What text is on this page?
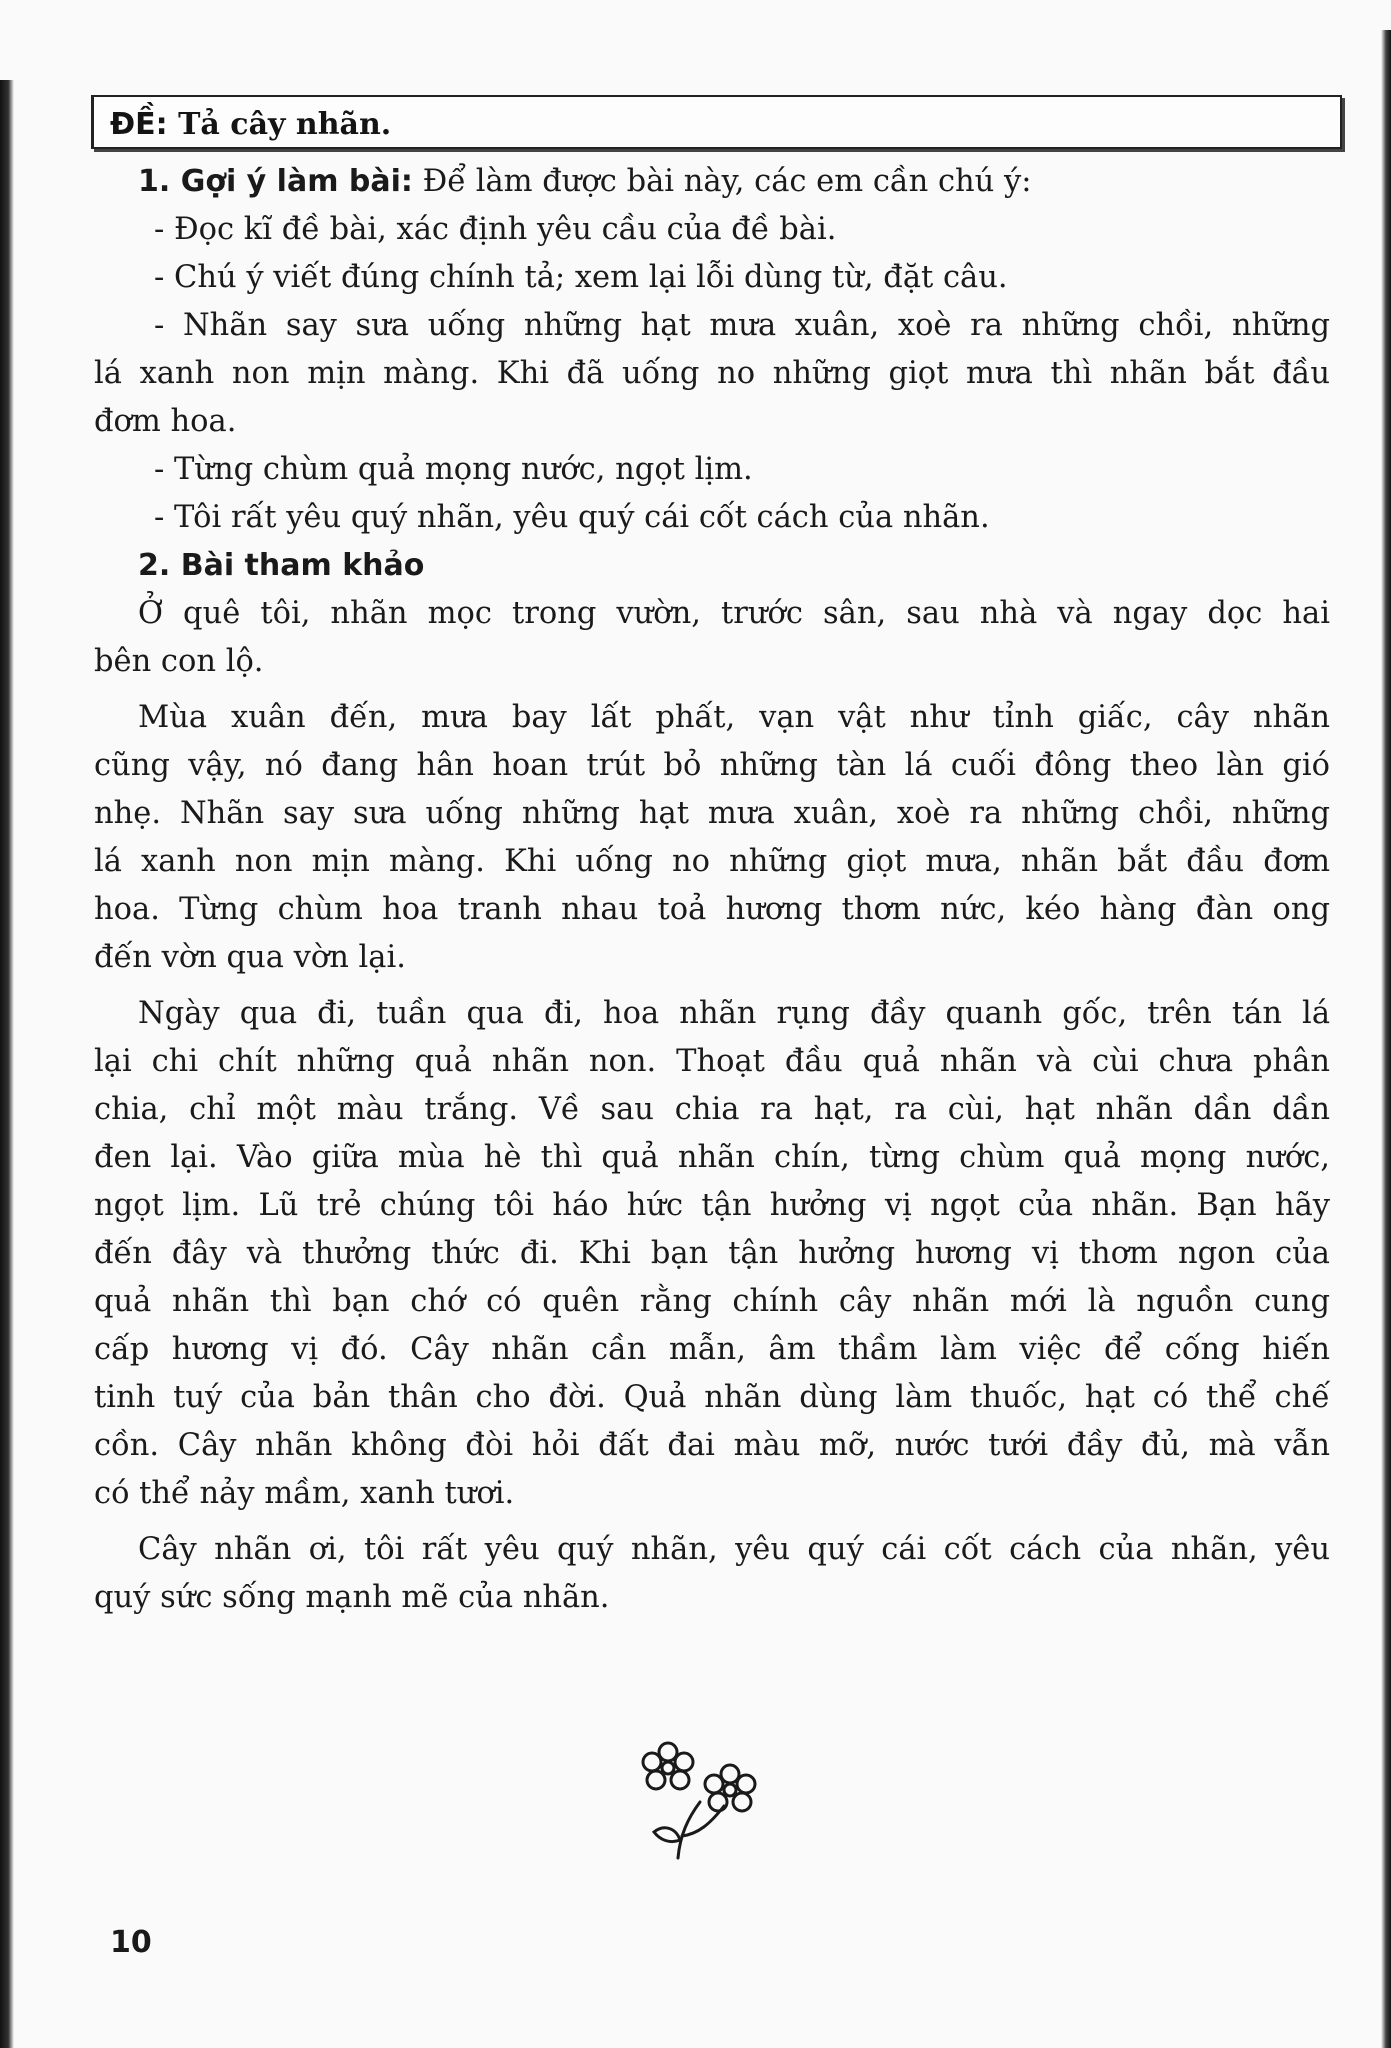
ĐỀ: Tả cây nhãn.
1. Gợi ý làm bài: Để làm được bài này, các em cần chú ý:
- Đọc kĩ đề bài, xác định yêu cầu của đề bài.
- Chú ý viết đúng chính tả; xem lại lỗi dùng từ, đặt câu.
- Nhãn say sưa uống những hạt mưa xuân, xoè ra những chồi, những
lá xanh non mịn màng. Khi đã uống no những giọt mưa thì nhãn bắt đầu
đơm hoa.
- Từng chùm quả mọng nước, ngọt lịm.
- Tôi rất yêu quý nhãn, yêu quý cái cốt cách của nhãn.
2. Bài tham khảo
Ở quê tôi, nhãn mọc trong vườn, trước sân, sau nhà và ngay dọc hai
bên con lộ.
Mùa xuân đến, mưa bay lất phất, vạn vật như tỉnh giấc, cây nhãn
cũng vậy, nó đang hân hoan trút bỏ những tàn lá cuối đông theo làn gió
nhẹ. Nhãn say sưa uống những hạt mưa xuân, xoè ra những chồi, những
lá xanh non mịn màng. Khi uống no những giọt mưa, nhãn bắt đầu đơm
hoa. Từng chùm hoa tranh nhau toả hương thơm nức, kéo hàng đàn ong
đến vờn qua vờn lại.
Ngày qua đi, tuần qua đi, hoa nhãn rụng đầy quanh gốc, trên tán lá
lại chi chít những quả nhãn non. Thoạt đầu quả nhãn và cùi chưa phân
chia, chỉ một màu trắng. Về sau chia ra hạt, ra cùi, hạt nhãn dần dần
đen lại. Vào giữa mùa hè thì quả nhãn chín, từng chùm quả mọng nước,
ngọt lịm. Lũ trẻ chúng tôi háo hức tận hưởng vị ngọt của nhãn. Bạn hãy
đến đây và thưởng thức đi. Khi bạn tận hưởng hương vị thơm ngon của
quả nhãn thì bạn chớ có quên rằng chính cây nhãn mới là nguồn cung
cấp hương vị đó. Cây nhãn cần mẫn, âm thầm làm việc để cống hiến
tinh tuý của bản thân cho đời. Quả nhãn dùng làm thuốc, hạt có thể chế
cồn. Cây nhãn không đòi hỏi đất đai màu mỡ, nước tưới đầy đủ, mà vẫn
có thể nảy mầm, xanh tươi.
Cây nhãn ơi, tôi rất yêu quý nhãn, yêu quý cái cốt cách của nhãn, yêu
quý sức sống mạnh mẽ của nhãn.
10
